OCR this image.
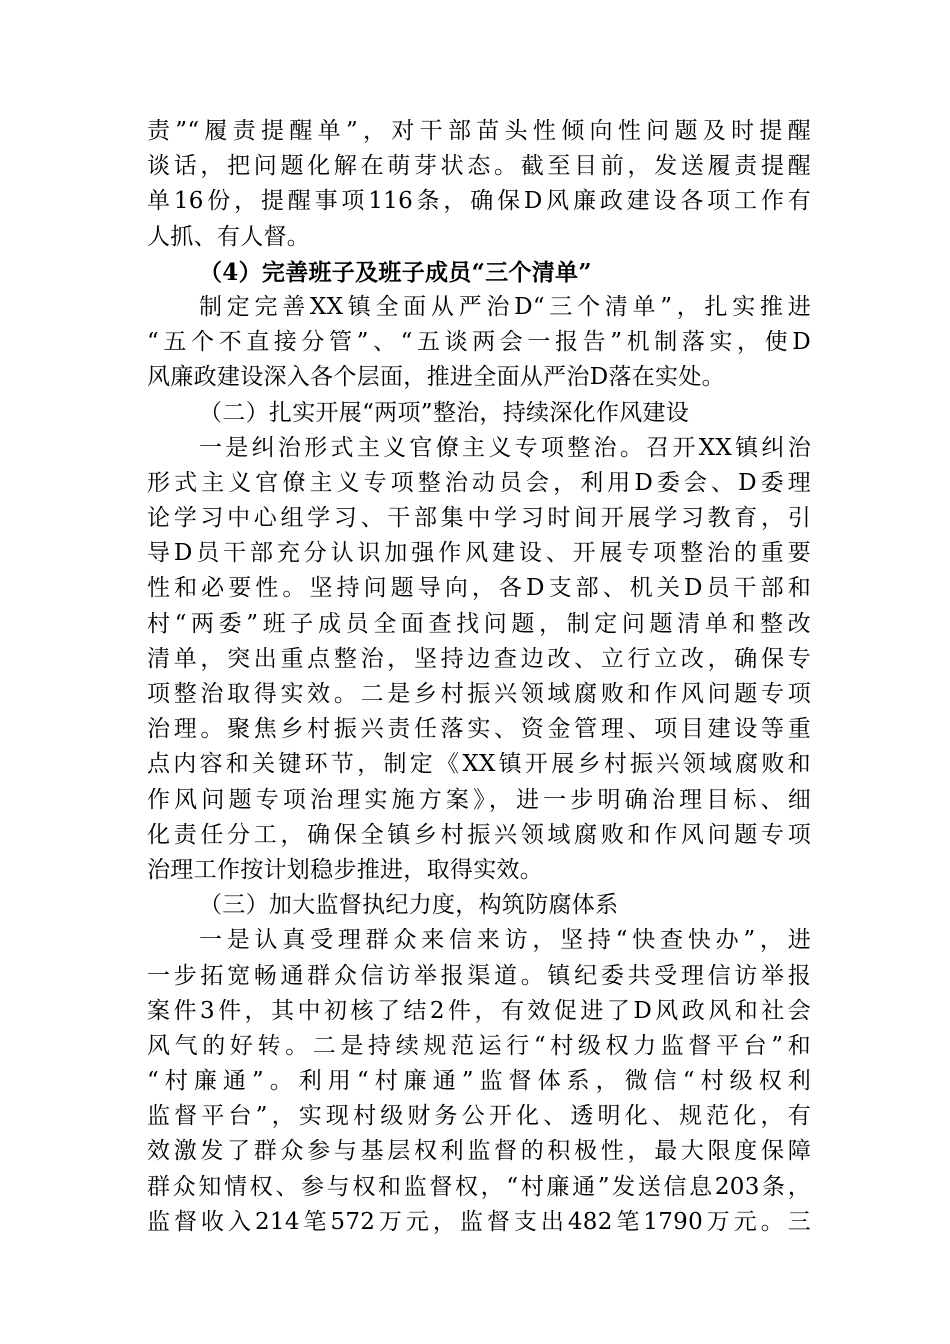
责”“履责提醒单”，对干部苗头性倾向性问题及时提醒
谈话，把问题化解在萌芽状态。截至目前，发送履责提醒
单16份，提醒事项116条，确保D风廉政建设各项工作有
人抓、有人督。
（4）完善班子及班子成员“三个清单”
制定完善XX镇全面从严治D“三个清单”，扎实推进
“五个不直接分管”、“五谈两会一报告”机制落实，使D
风廉政建设深入各个层面，推进全面从严治D落在实处。
（二）扎实开展“两项”整治，持续深化作风建设
一是纠治形式主义官僚主义专项整治。召开XX镇纠治
形式主义官僚主义专项整治动员会，利用D委会、D委理
论学习中心组学习、干部集中学习时间开展学习教育，引
导D员干部充分认识加强作风建设、开展专项整治的重要
性和必要性。坚持问题导向，各D支部、机关D员干部和
村“两委”班子成员全面查找问题，制定问题清单和整改
清单，突出重点整治，坚持边查边改、立行立改，确保专
项整治取得实效。二是乡村振兴领域腐败和作风问题专项
治理。聚焦乡村振兴责任落实、资金管理、项目建设等重
点内容和关键环节，制定《XX镇开展乡村振兴领域腐败和
作风问题专项治理实施方案》，进一步明确治理目标、细
化责任分工，确保全镇乡村振兴领域腐败和作风问题专项
治理工作按计划稳步推进，取得实效。
（三）加大监督执纪力度，构筑防腐体系
一是认真受理群众来信来访，坚持“快查快办”，进
一步拓宽畅通群众信访举报渠道。镇纪委共受理信访举报
案件3件，其中初核了结2件，有效促进了D风政风和社会
风气的好转。二是持续规范运行“村级权力监督平台”和
“村廉通”。利用“村廉通”监督体系，微信“村级权利
监督平台”，实现村级财务公开化、透明化、规范化，有
效激发了群众参与基层权利监督的积极性，最大限度保障
群众知情权、参与权和监督权，“村廉通”发送信息203条，
监督收入214笔572万元，监督支出482笔1790万元。三
